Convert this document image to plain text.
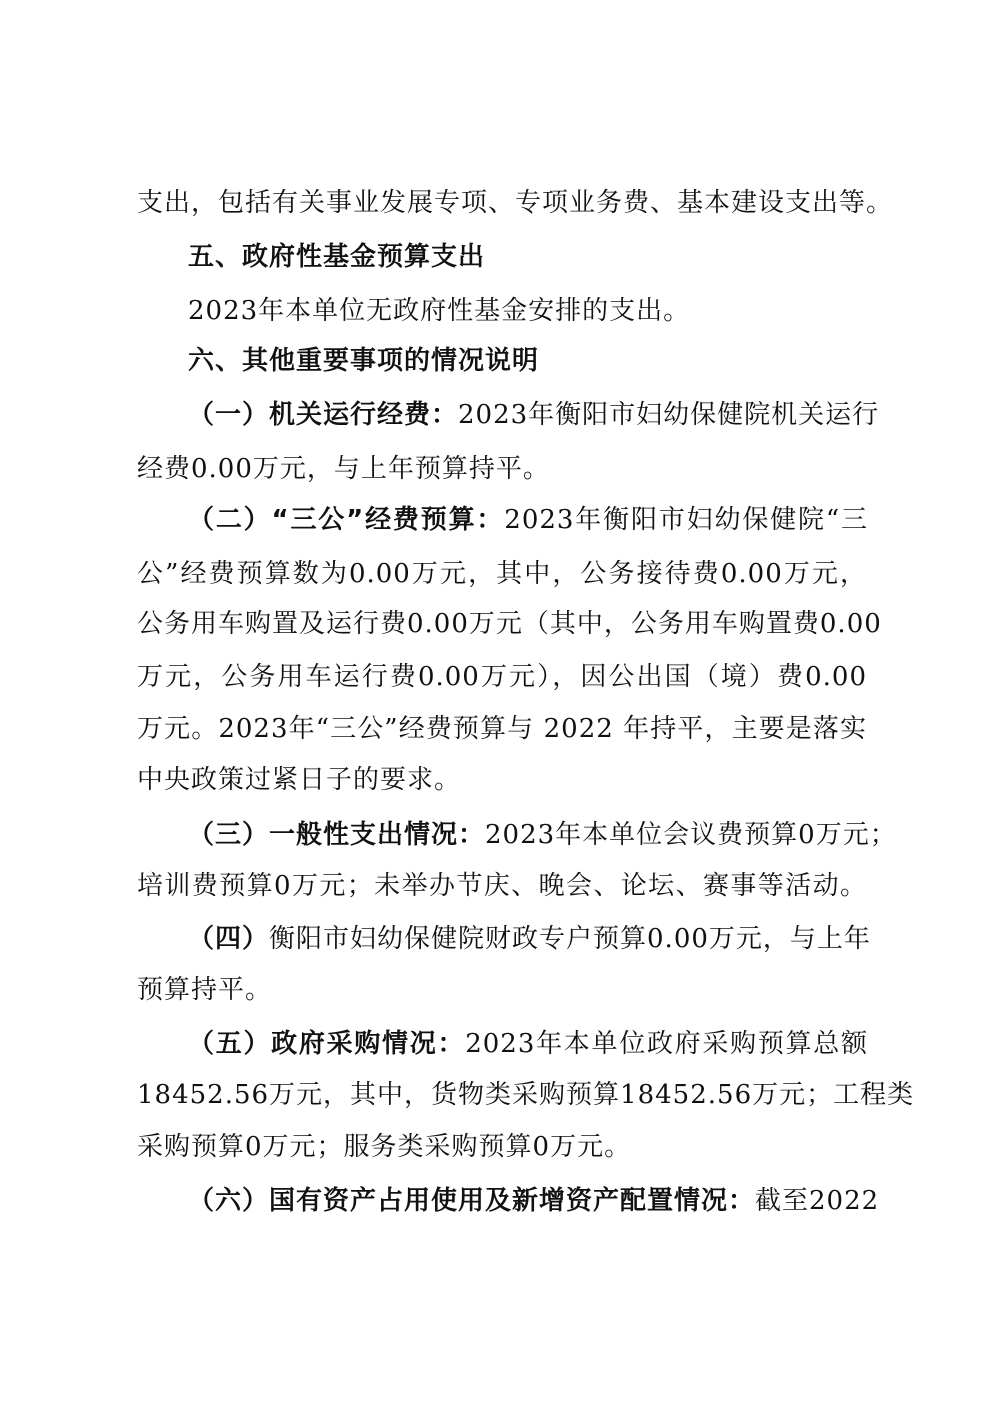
支出，包括有关事业发展专项、专项业务费、基本建设支出等。
五、政府性基金预算支出
2023年本单位无政府性基金安排的支出。
六、其他重要事项的情况说明
（一）机关运行经费：2023年衡阳市妇幼保健院机关运行
经费0.00万元，与上年预算持平。
（二）“三公”经费预算：2023年衡阳市妇幼保健院“三
公”经费预算数为0.00万元，其中，公务接待费0.00万元，
公务用车购置及运行费0.00万元（其中，公务用车购置费0.00
万元，公务用车运行费0.00万元），因公出国（境）费0.00
万元。2023年“三公”经费预算与 2022 年持平，主要是落实
中央政策过紧日子的要求。
（三）一般性支出情况：2023年本单位会议费预算0万元；
培训费预算0万元；未举办节庆、晚会、论坛、赛事等活动。
（四）衡阳市妇幼保健院财政专户预算0.00万元，与上年
预算持平。
（五）政府采购情况：2023年本单位政府采购预算总额
18452.56万元，其中，货物类采购预算18452.56万元；工程类
采购预算0万元；服务类采购预算0万元。
（六）国有资产占用使用及新增资产配置情况：截至2022
